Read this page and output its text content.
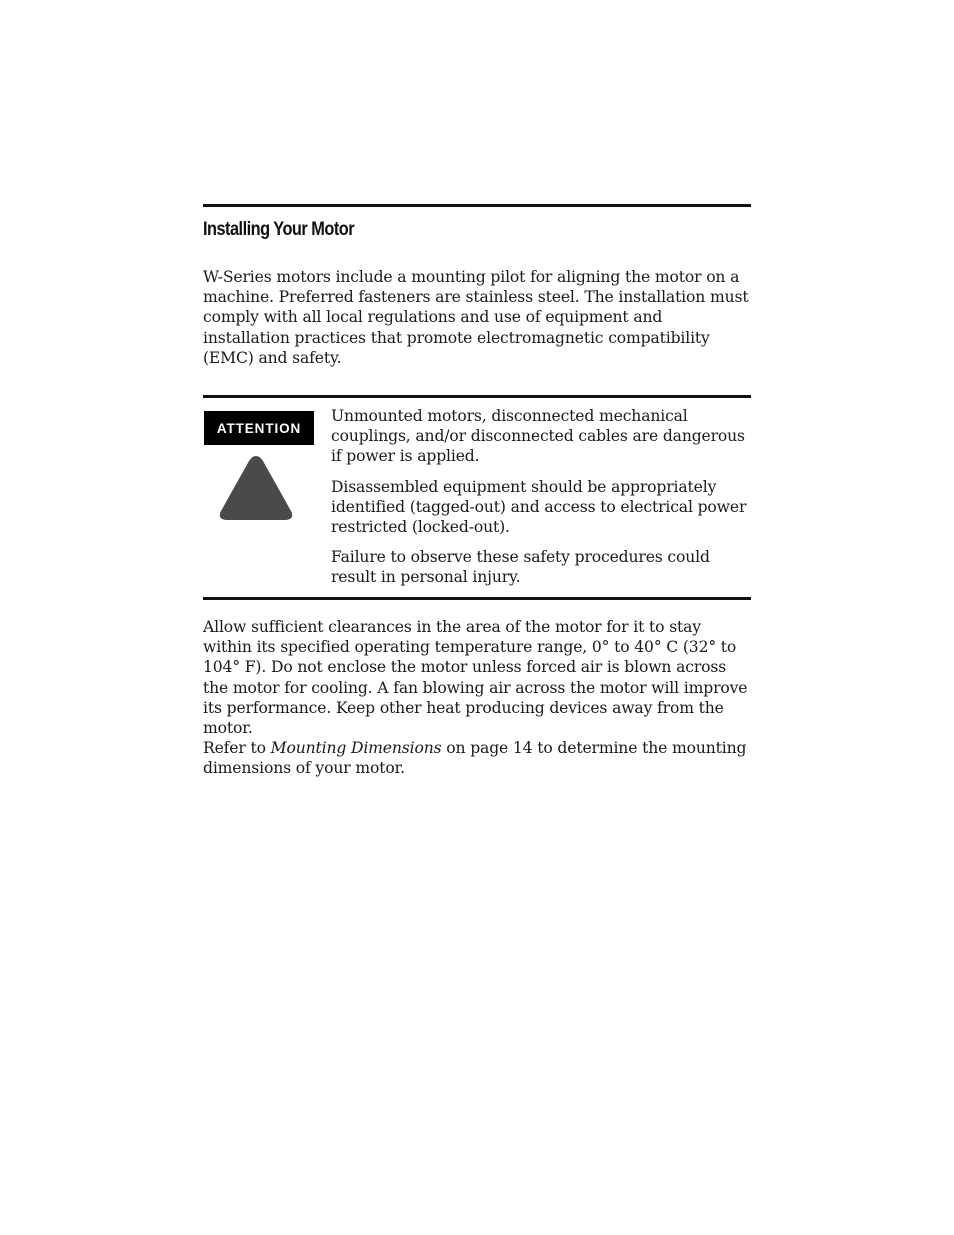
Installing Your Motor

W-Series motors include a mounting pilot for aligning the motor on a machine. Preferred fasteners are stainless steel. The installation must comply with all local regulations and use of equipment and installation practices that promote electromagnetic compatibility (EMC) and safety.

ATTENTION

Unmounted motors, disconnected mechanical couplings, and/or disconnected cables are dangerous if power is applied.

Disassembled equipment should be appropriately identified (tagged-out) and access to electrical power restricted (locked-out).

Failure to observe these safety procedures could result in personal injury.

Allow sufficient clearances in the area of the motor for it to stay within its specified operating temperature range, 0° to 40° C (32° to 104° F). Do not enclose the motor unless forced air is blown across the motor for cooling. A fan blowing air across the motor will improve its performance. Keep other heat producing devices away from the motor.

Refer to Mounting Dimensions on page 14 to determine the mounting dimensions of your motor.
